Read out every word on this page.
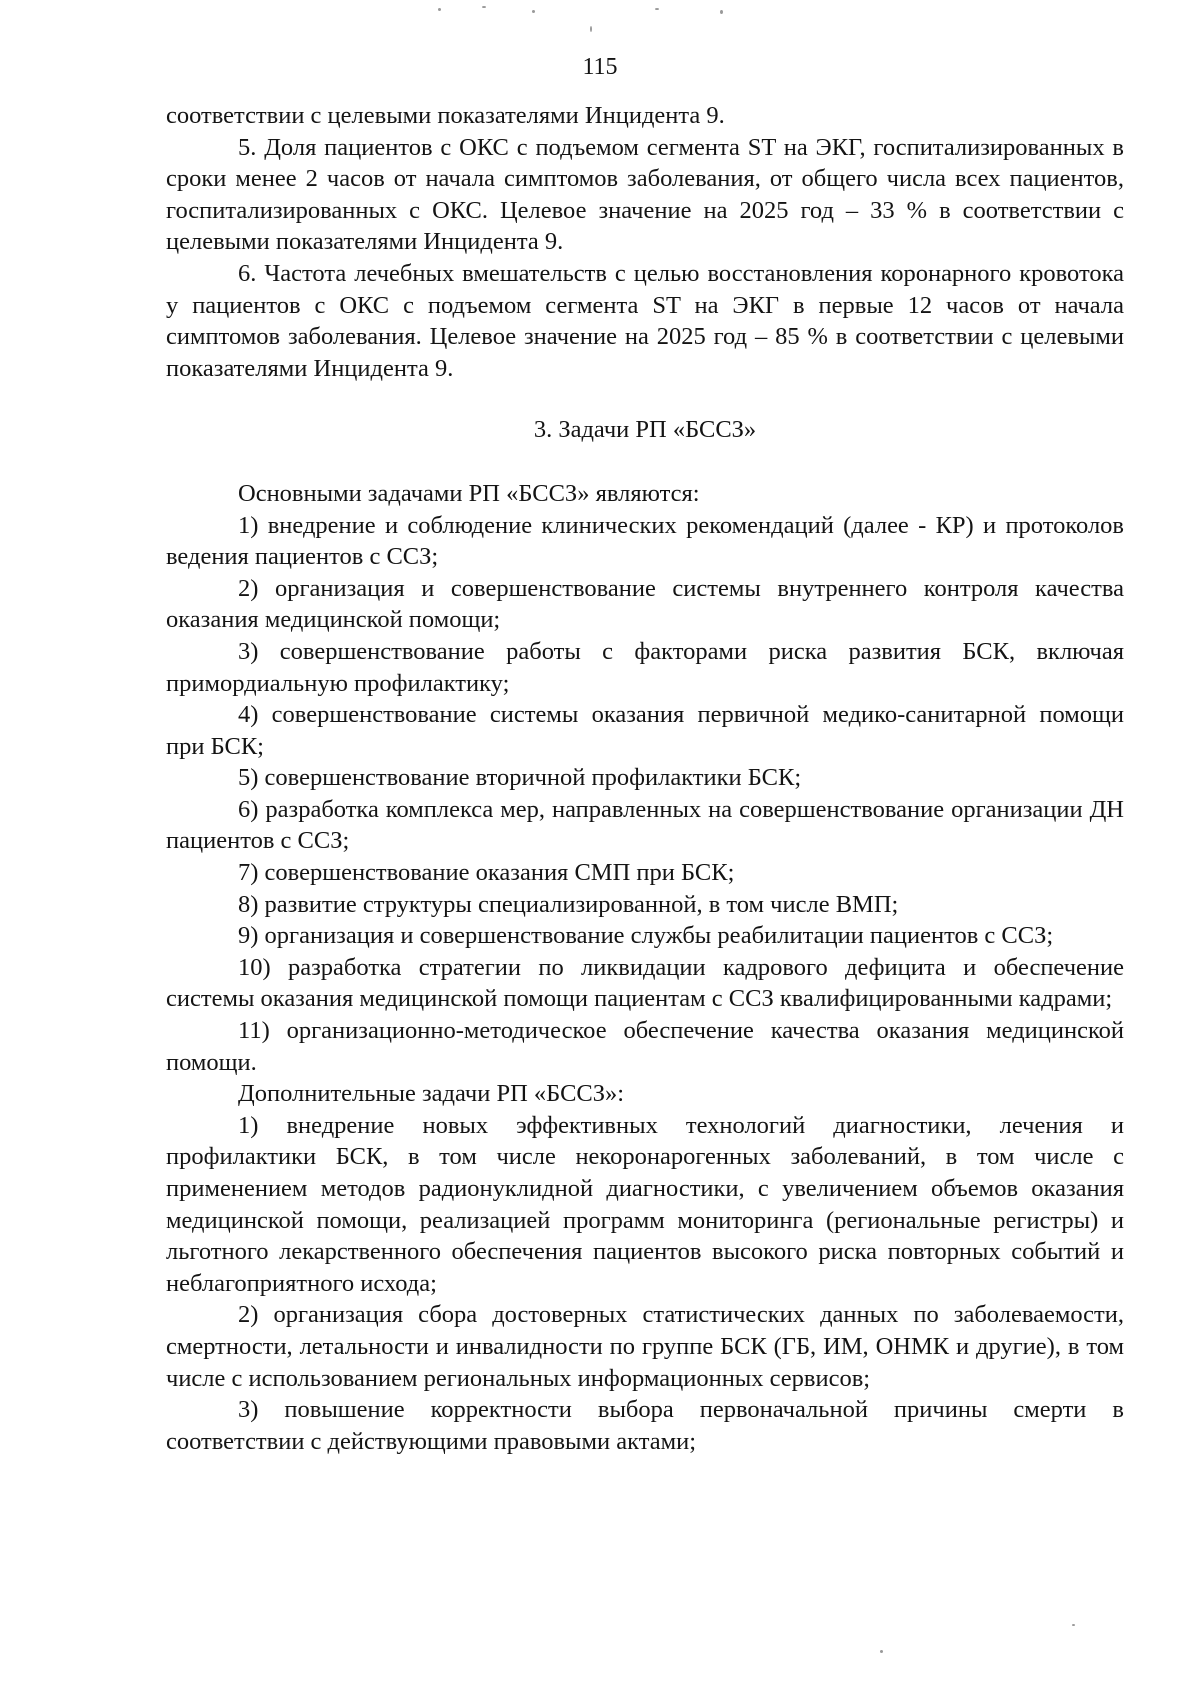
115

соответствии с целевыми показателями Инцидента 9.

5. Доля пациентов с ОКС с подъемом сегмента ST на ЭКГ, госпитализированных в сроки менее 2 часов от начала симптомов заболевания, от общего числа всех пациентов, госпитализированных с ОКС. Целевое значение на 2025 год – 33 % в соответствии с целевыми показателями Инцидента 9.

6. Частота лечебных вмешательств с целью восстановления коронарного кровотока у пациентов с ОКС с подъемом сегмента ST на ЭКГ в первые 12 часов от начала симптомов заболевания. Целевое значение на 2025 год – 85 % в соответствии с целевыми показателями Инцидента 9.

3. Задачи РП «БССЗ»

Основными задачами РП «БССЗ» являются:

1) внедрение и соблюдение клинических рекомендаций (далее - КР) и протоколов ведения пациентов с ССЗ;

2) организация и совершенствование системы внутреннего контроля качества оказания медицинской помощи;

3) совершенствование работы с факторами риска развития БСК, включая примордиальную профилактику;

4) совершенствование системы оказания первичной медико-санитарной помощи при БСК;

5) совершенствование вторичной профилактики БСК;

6) разработка комплекса мер, направленных на совершенствование организации ДН пациентов с ССЗ;

7) совершенствование оказания СМП при БСК;

8) развитие структуры специализированной, в том числе ВМП;

9) организация и совершенствование службы реабилитации пациентов с ССЗ;

10) разработка стратегии по ликвидации кадрового дефицита и обеспечение системы оказания медицинской помощи пациентам с ССЗ квалифицированными кадрами;

11) организационно-методическое обеспечение качества оказания медицинской помощи.

Дополнительные задачи РП «БССЗ»:

1) внедрение новых эффективных технологий диагностики, лечения и профилактики БСК, в том числе некоронарогенных заболеваний, в том числе с применением методов радионуклидной диагностики, с увеличением объемов оказания медицинской помощи, реализацией программ мониторинга (региональные регистры) и льготного лекарственного обеспечения пациентов высокого риска повторных событий и неблагоприятного исхода;

2) организация сбора достоверных статистических данных по заболеваемости, смертности, летальности и инвалидности по группе БСК (ГБ, ИМ, ОНМК и другие), в том числе с использованием региональных информационных сервисов;

3) повышение корректности выбора первоначальной причины смерти в соответствии с действующими правовыми актами;
